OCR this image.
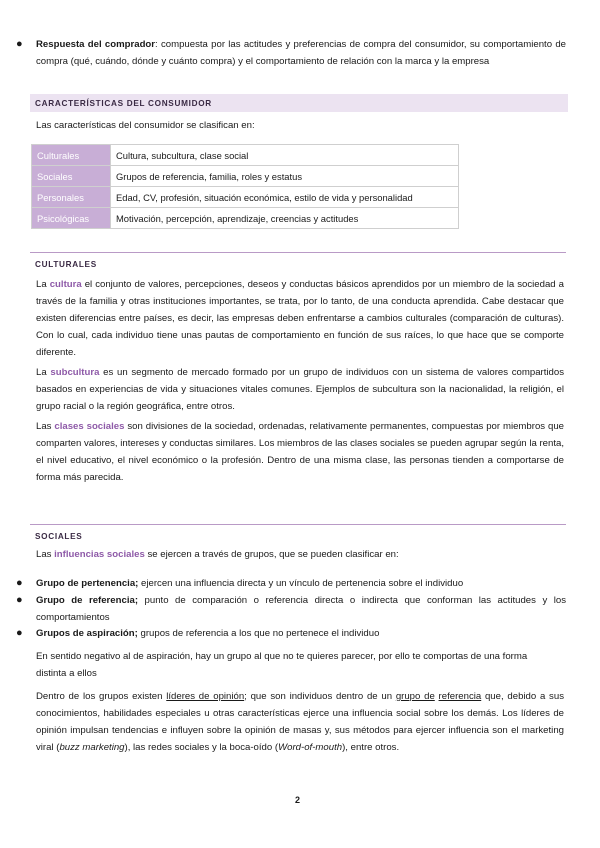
● Respuesta del comprador: compuesta por las actitudes y preferencias de compra del consumidor, su comportamiento de compra (qué, cuándo, dónde y cuánto compra) y el comportamiento de relación con la marca y la empresa
CARACTERÍSTICAS DEL CONSUMIDOR
Las características del consumidor se clasifican en:
Culturales	Cultura, subcultura, clase social
Sociales	Grupos de referencia, familia, roles y estatus
Personales	Edad, CV, profesión, situación económica, estilo de vida y personalidad
Psicológicas	Motivación, percepción, aprendizaje, creencias y actitudes
CULTURALES
La cultura el conjunto de valores, percepciones, deseos y conductas básicos aprendidos por un miembro de la sociedad a través de la familia y otras instituciones importantes, se trata, por lo tanto, de una conducta aprendida. Cabe destacar que existen diferencias entre países, es decir, las empresas deben enfrentarse a cambios culturales (comparación de culturas). Con lo cual, cada individuo tiene unas pautas de comportamiento en función de sus raíces, lo que hace que se comporte diferente.
La subcultura es un segmento de mercado formado por un grupo de individuos con un sistema de valores compartidos basados en experiencias de vida y situaciones vitales comunes. Ejemplos de subcultura son la nacionalidad, la religión, el grupo racial o la región geográfica, entre otros.
Las clases sociales son divisiones de la sociedad, ordenadas, relativamente permanentes, compuestas por miembros que comparten valores, intereses y conductas similares. Los miembros de las clases sociales se pueden agrupar según la renta, el nivel educativo, el nivel económico o la profesión. Dentro de una misma clase, las personas tienden a comportarse de forma más parecida.
SOCIALES
Las influencias sociales se ejercen a través de grupos, que se pueden clasificar en:
● Grupo de pertenencia; ejercen una influencia directa y un vínculo de pertenencia sobre el individuo
● Grupo de referencia; punto de comparación o referencia directa o indirecta que conforman las actitudes y los comportamientos
● Grupos de aspiración; grupos de referencia a los que no pertenece el individuo
En sentido negativo al de aspiración, hay un grupo al que no te quieres parecer, por ello te comportas de una forma distinta a ellos
Dentro de los grupos existen líderes de opinión; que son individuos dentro de un grupo de referencia que, debido a sus conocimientos, habilidades especiales u otras características ejerce una influencia social sobre los demás. Los líderes de opinión impulsan tendencias e influyen sobre la opinión de masas y, sus métodos para ejercer influencia son el marketing viral (buzz marketing), las redes sociales y la boca-oído (Word-of-mouth), entre otros.
2
